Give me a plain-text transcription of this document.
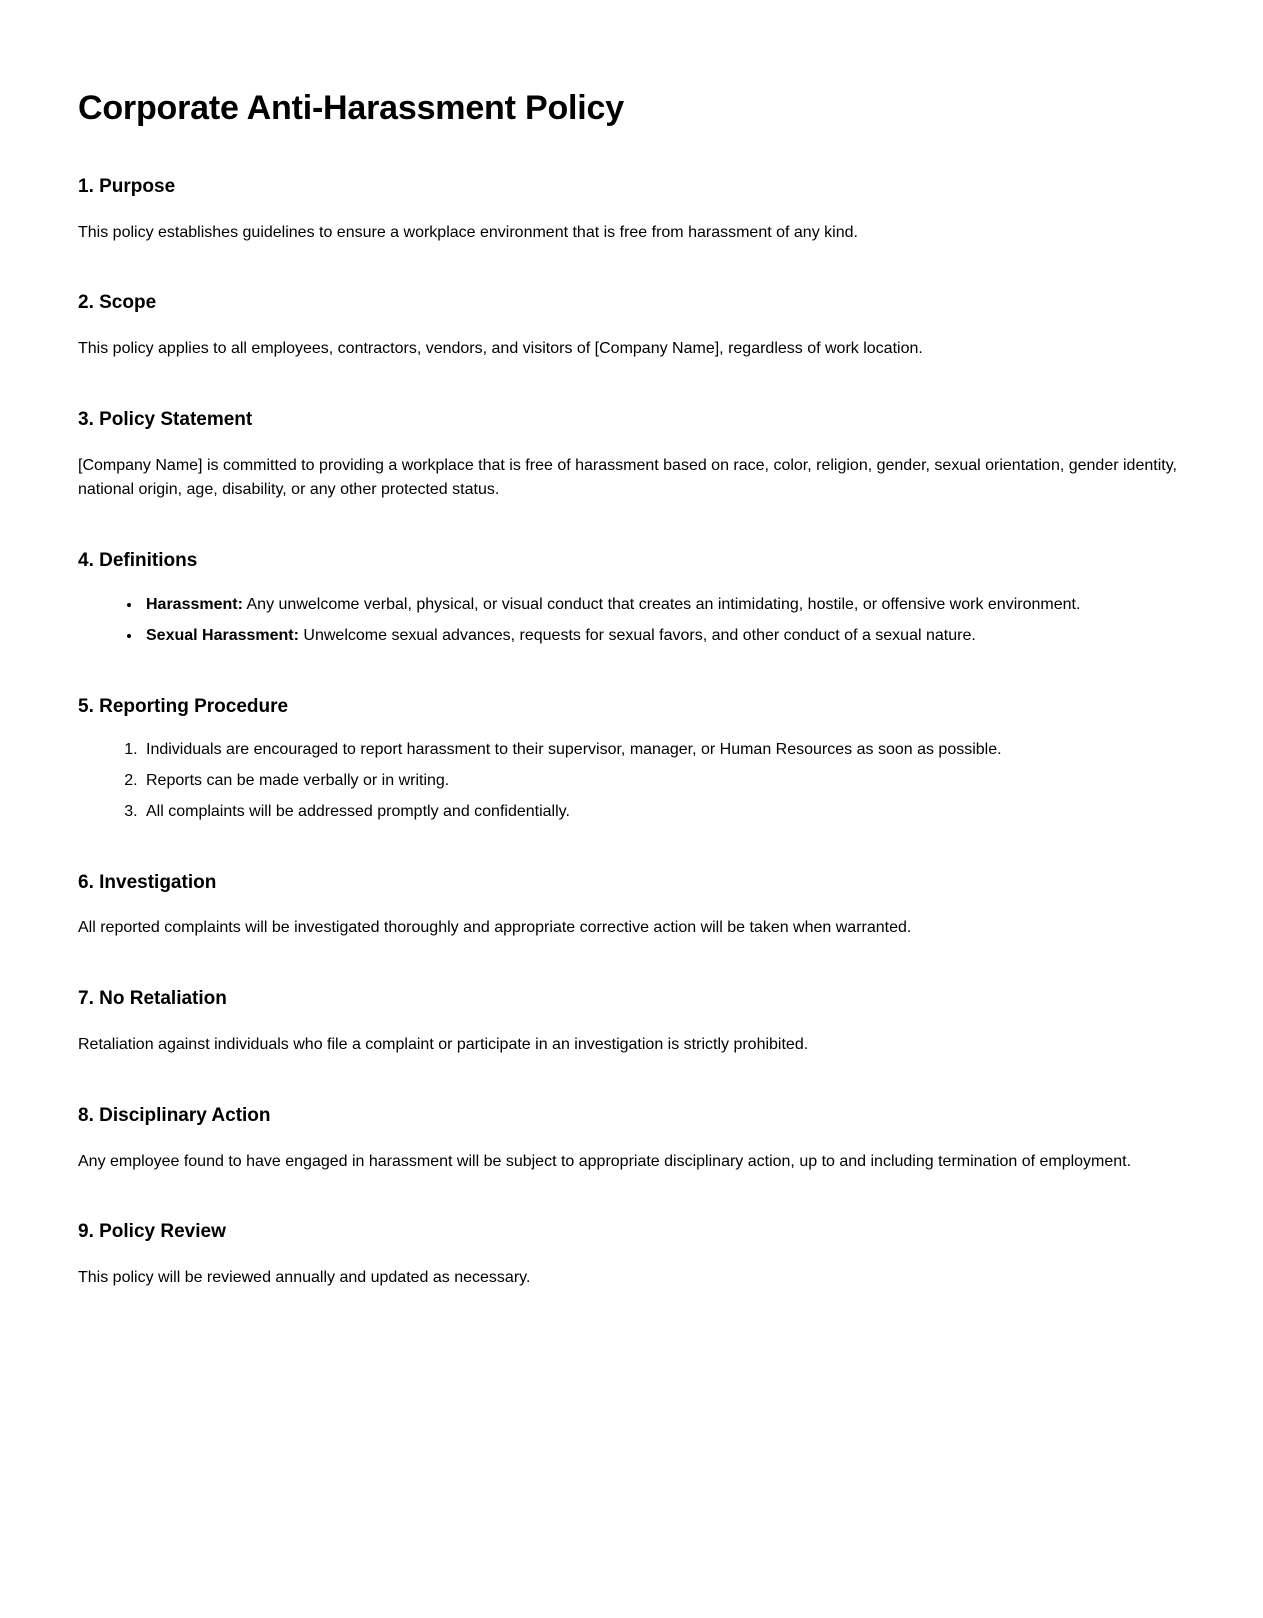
Corporate Anti-Harassment Policy
1. Purpose

This policy establishes guidelines to ensure a workplace environment that is free from harassment of any kind.

2. Scope

This policy applies to all employees, contractors, vendors, and visitors of [Company Name], regardless of work location.

3. Policy Statement

[Company Name] is committed to providing a workplace that is free of harassment based on race, color, religion, gender, sexual orientation, gender identity, national origin, age, disability, or any other protected status.

4. Definitions
• Harassment: Any unwelcome verbal, physical, or visual conduct that creates an intimidating, hostile, or offensive work environment.
• Sexual Harassment: Unwelcome sexual advances, requests for sexual favors, and other conduct of a sexual nature.
5. Reporting Procedure
1. Individuals are encouraged to report harassment to their supervisor, manager, or Human Resources as soon as possible.
2. Reports can be made verbally or in writing.
3. All complaints will be addressed promptly and confidentially.
6. Investigation

All reported complaints will be investigated thoroughly and appropriate corrective action will be taken when warranted.

7. No Retaliation

Retaliation against individuals who file a complaint or participate in an investigation is strictly prohibited.

8. Disciplinary Action

Any employee found to have engaged in harassment will be subject to appropriate disciplinary action, up to and including termination of employment.

9. Policy Review

This policy will be reviewed annually and updated as necessary.
